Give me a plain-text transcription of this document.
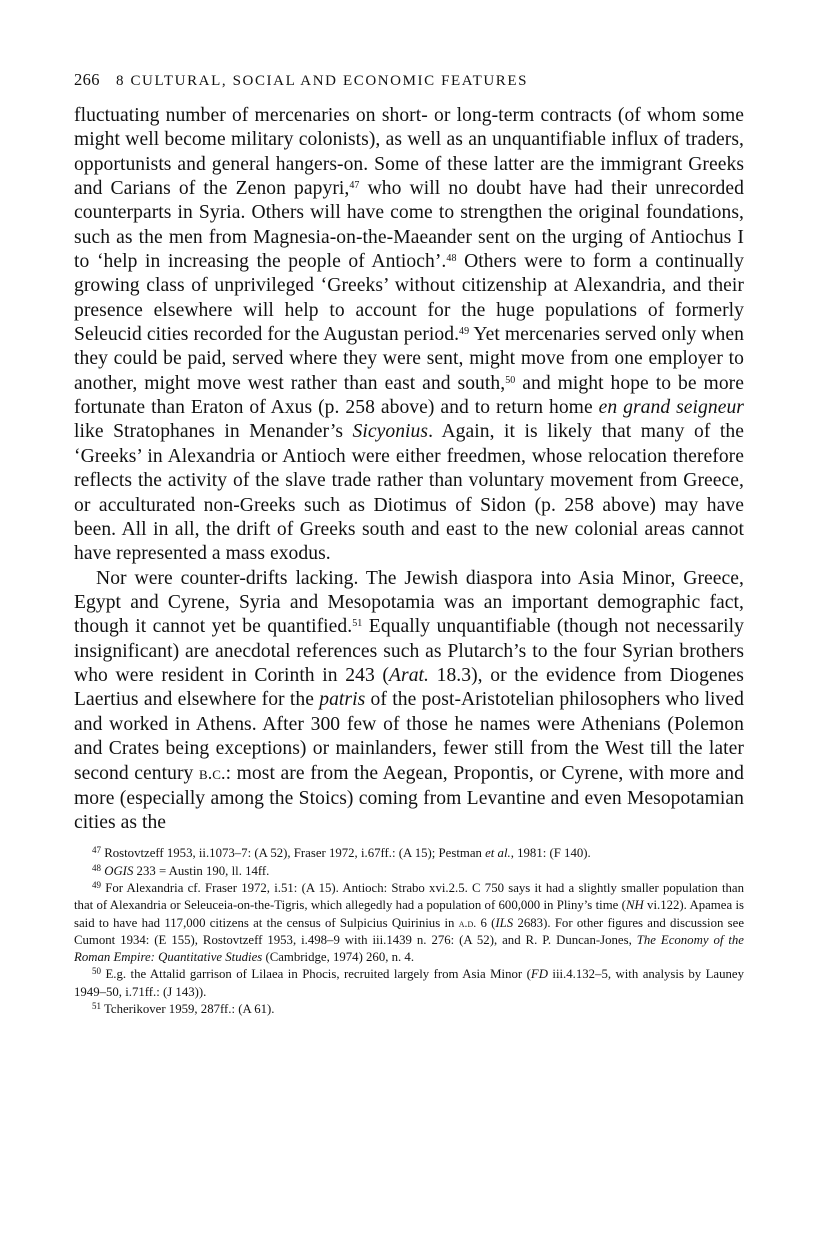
266 8 CULTURAL, SOCIAL AND ECONOMIC FEATURES

fluctuating number of mercenaries on short- or long-term contracts (of whom some might well become military colonists), as well as an unquantifiable influx of traders, opportunists and general hangers-on. Some of these latter are the immigrant Greeks and Carians of the Zenon papyri,$^{47}$ who will no doubt have had their unrecorded counterparts in Syria. Others will have come to strengthen the original foundations, such as the men from Magnesia-on-the-Maeander sent on the urging of Antiochus I to ‘help in increasing the people of Antioch’.$^{48}$ Others were to form a continually growing class of unprivileged ‘Greeks’ without citizenship at Alexandria, and their presence elsewhere will help to account for the huge populations of formerly Seleucid cities recorded for the Augustan period.$^{49}$ Yet mercenaries served only when they could be paid, served where they were sent, might move from one employer to another, might move west rather than east and south,$^{50}$ and might hope to be more fortunate than Eraton of Axus (p. 258 above) and to return home en grand seigneur like Stratophanes in Menander’s Sicyonius. Again, it is likely that many of the ‘Greeks’ in Alexandria or Antioch were either freedmen, whose relocation therefore reflects the activity of the slave trade rather than voluntary movement from Greece, or acculturated non-Greeks such as Diotimus of Sidon (p. 258 above) may have been. All in all, the drift of Greeks south and east to the new colonial areas cannot have represented a mass exodus.

Nor were counter-drifts lacking. The Jewish diaspora into Asia Minor, Greece, Egypt and Cyrene, Syria and Mesopotamia was an important demographic fact, though it cannot yet be quantified.$^{51}$ Equally unquantifiable (though not necessarily insignificant) are anecdotal references such as Plutarch’s to the four Syrian brothers who were resident in Corinth in 243 (Arat. 18.3), or the evidence from Diogenes Laertius and elsewhere for the patris of the post-Aristotelian philosophers who lived and worked in Athens. After 300 few of those he names were Athenians (Polemon and Crates being exceptions) or mainlanders, fewer still from the West till the later second century b.c.: most are from the Aegean, Propontis, or Cyrene, with more and more (especially among the Stoics) coming from Levantine and even Mesopotamian cities as the

$^{47}$ Rostovtzeff 1953, ii.1073–7: (A 52), Fraser 1972, i.67ff.: (A 15); Pestman et al., 1981: (F 140).

$^{48}$ OGIS 233 = Austin 190, ll. 14ff.

$^{49}$ For Alexandria cf. Fraser 1972, i.51: (A 15). Antioch: Strabo xvi.2.5. C 750 says it had a slightly smaller population than that of Alexandria or Seleuceia-on-the-Tigris, which allegedly had a population of 600,000 in Pliny’s time (NH vi.122). Apamea is said to have had 117,000 citizens at the census of Sulpicius Quirinius in a.d. 6 (ILS 2683). For other figures and discussion see Cumont 1934: (E 155), Rostovtzeff 1953, i.498–9 with iii.1439 n. 276: (A 52), and R. P. Duncan-Jones, The Economy of the Roman Empire: Quantitative Studies (Cambridge, 1974) 260, n. 4.

$^{50}$ E.g. the Attalid garrison of Lilaea in Phocis, recruited largely from Asia Minor (FD iii.4.132–5, with analysis by Launey 1949–50, i.71ff.: (J 143)).

$^{51}$ Tcherikover 1959, 287ff.: (A 61).
